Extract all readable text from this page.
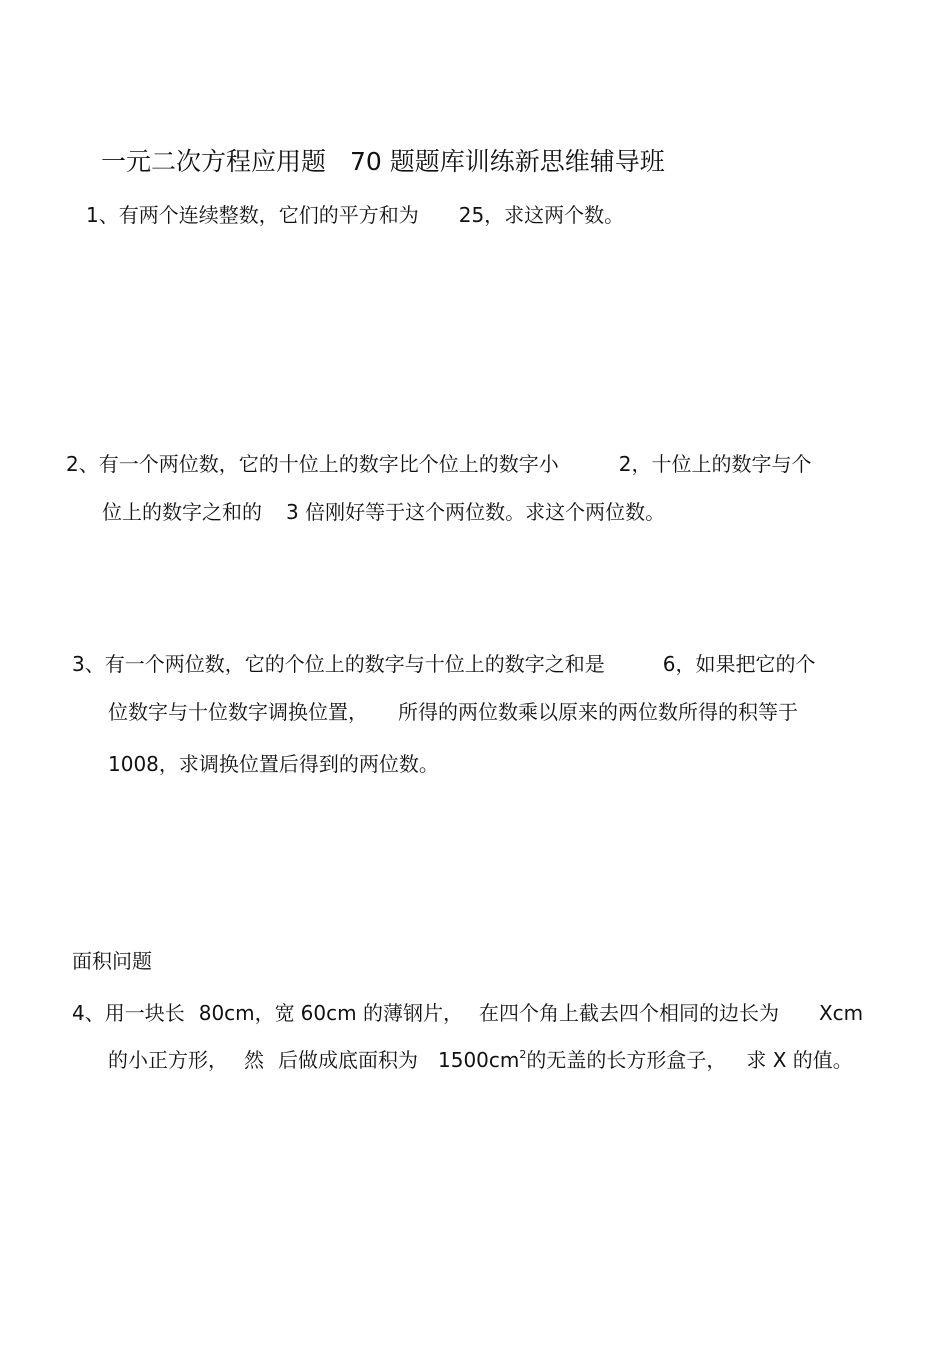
一元二次方程应用题 70 题题库训练新思维辅导班
1、有两个连续整数，它们的平方和为 25，求这两个数。
2、有一个两位数，它的十位上的数字比个位上的数字小	2，十位上的数字与个
位上的数字之和的 3 倍刚好等于这个两位数。求这个两位数。
3、有一个两位数，它的个位上的数字与十位上的数字之和是	6，如果把它的个
位数字与十位数字调换位置， 所得的两位数乘以原来的两位数所得的积等于
1008，求调换位置后得到的两位数。
面积问题
4、用一块长 80cm，宽 60cm 的薄钢片， 在四个角上截去四个相同的边长为 Xcm
的小正方形， 然 后做成底面积为 $1500cm^2$的无盖的长方形盒子， 求 X 的值。
